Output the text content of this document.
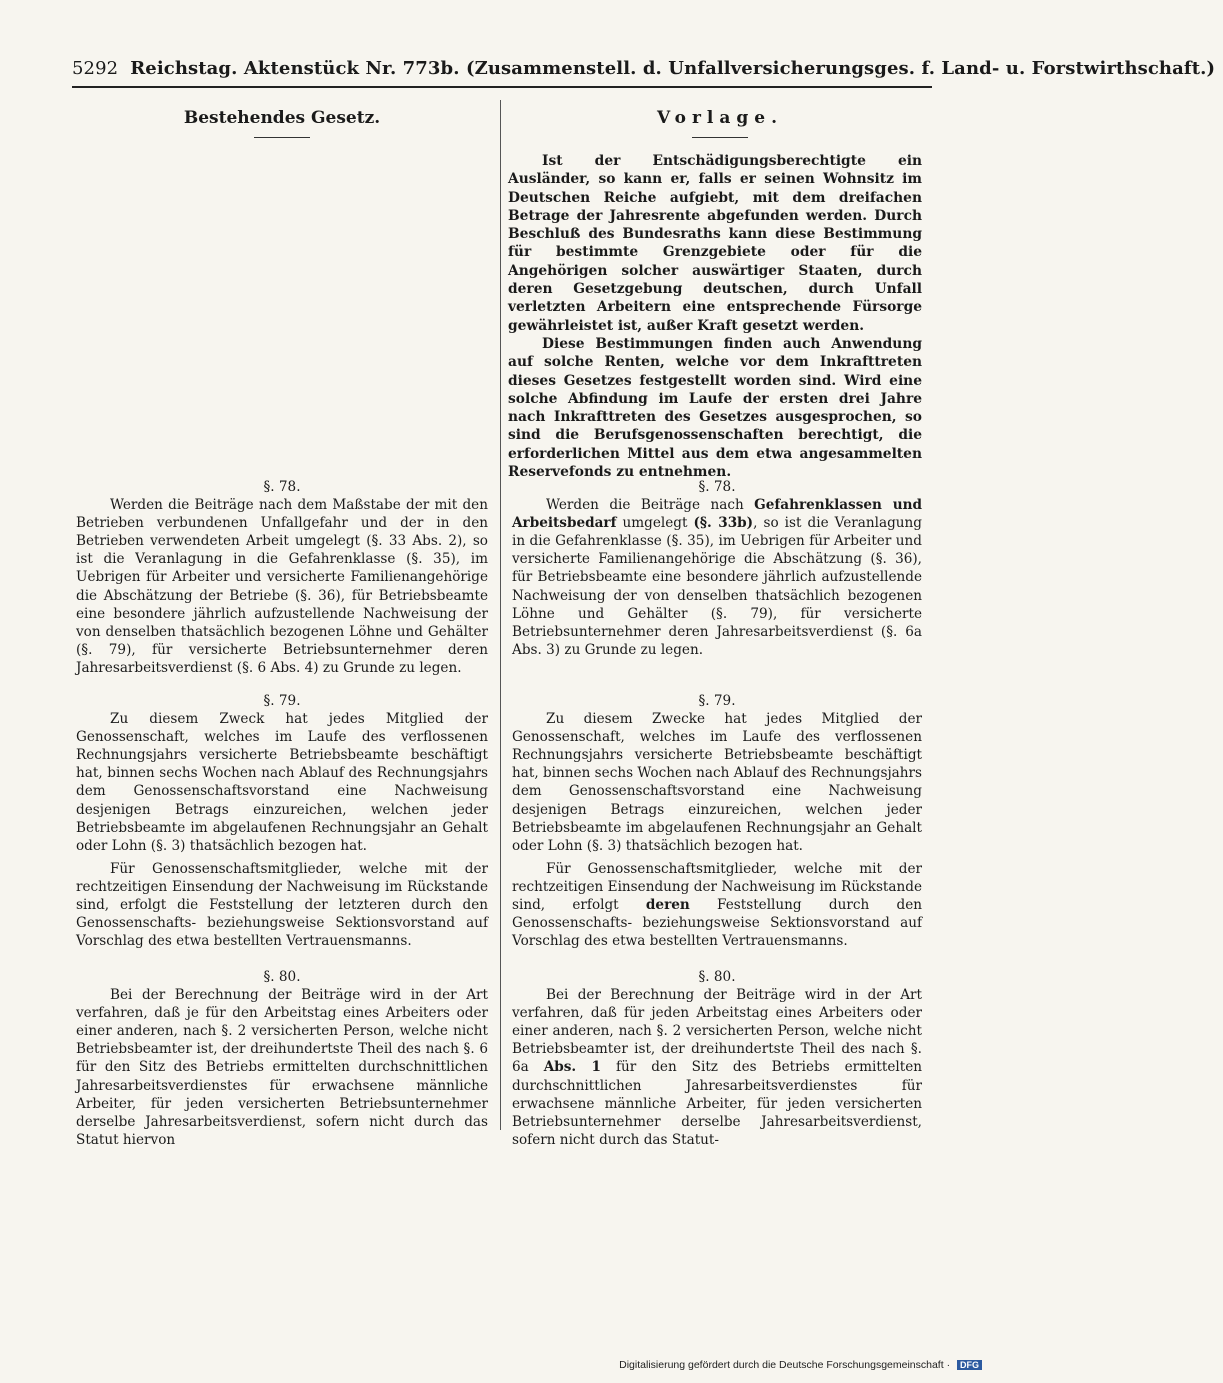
5292 Reichstag. Aktenstück Nr. 773b. (Zusammenstell. d. Unfallversicherungsges. f. Land- u. Forstwirthschaft.)
Bestehendes Gesetz.	Vorlage.

Ist der Entschädigungsberechtigte ein Ausländer, so kann er, falls er seinen Wohnsitz im Deutschen Reiche aufgiebt, mit dem dreifachen Betrage der Jahresrente abgefunden werden. Durch Beschluß des Bundesraths kann diese Bestimmung für bestimmte Grenzgebiete oder für die Angehörigen solcher auswärtiger Staaten, durch deren Gesetzgebung deutschen, durch Unfall verletzten Arbeitern eine entsprechende Fürsorge gewährleistet ist, außer Kraft gesetzt werden.

Diese Bestimmungen finden auch Anwendung auf solche Renten, welche vor dem Inkrafttreten dieses Gesetzes festgestellt worden sind. Wird eine solche Abfindung im Laufe der ersten drei Jahre nach Inkrafttreten des Gesetzes ausgesprochen, so sind die Berufsgenossenschaften berechtigt, die erforderlichen Mittel aus dem etwa angesammelten Reservefonds zu entnehmen.

§. 78.

Werden die Beiträge nach dem Maßstabe der mit den Betrieben verbundenen Unfallgefahr und der in den Betrieben verwendeten Arbeit umgelegt (§. 33 Abs. 2), so ist die Veranlagung in die Gefahrenklasse (§. 35), im Uebrigen für Arbeiter und versicherte Familienangehörige die Abschätzung der Betriebe (§. 36), für Betriebsbeamte eine besondere jährlich aufzustellende Nachweisung der von denselben thatsächlich bezogenen Löhne und Gehälter (§. 79), für versicherte Betriebsunternehmer deren Jahresarbeitsverdienst (§. 6 Abs. 4) zu Grunde zu legen.

§. 79.

Zu diesem Zweck hat jedes Mitglied der Genossenschaft, welches im Laufe des verflossenen Rechnungsjahrs versicherte Betriebsbeamte beschäftigt hat, binnen sechs Wochen nach Ablauf des Rechnungsjahrs dem Genossenschaftsvorstand eine Nachweisung desjenigen Betrags einzureichen, welchen jeder Betriebsbeamte im abgelaufenen Rechnungsjahr an Gehalt oder Lohn (§. 3) thatsächlich bezogen hat.

Für Genossenschaftsmitglieder, welche mit der rechtzeitigen Einsendung der Nachweisung im Rückstande sind, erfolgt die Feststellung der letzteren durch den Genossenschafts- beziehungsweise Sektionsvorstand auf Vorschlag des etwa bestellten Vertrauensmanns.

§. 80.

Bei der Berechnung der Beiträge wird in der Art verfahren, daß je für den Arbeitstag eines Arbeiters oder einer anderen, nach §. 2 versicherten Person, welche nicht Betriebsbeamter ist, der dreihundertste Theil des nach §. 6 für den Sitz des Betriebs ermittelten durchschnittlichen Jahresarbeitsverdienstes für erwachsene männliche Arbeiter, für jeden versicherten Betriebsunternehmer derselbe Jahresarbeitsverdienst, sofern nicht durch das Statut hiervon

§. 78.

Werden die Beiträge nach Gefahrenklassen und Arbeitsbedarf umgelegt (§. 33b), so ist die Veranlagung in die Gefahrenklasse (§. 35), im Uebrigen für Arbeiter und versicherte Familienangehörige die Abschätzung (§. 36), für Betriebsbeamte eine besondere jährlich aufzustellende Nachweisung der von denselben thatsächlich bezogenen Löhne und Gehälter (§. 79), für versicherte Betriebsunternehmer deren Jahresarbeitsverdienst (§. 6a Abs. 3) zu Grunde zu legen.

§. 79.

Zu diesem Zwecke hat jedes Mitglied der Genossenschaft, welches im Laufe des verflossenen Rechnungsjahrs versicherte Betriebsbeamte beschäftigt hat, binnen sechs Wochen nach Ablauf des Rechnungsjahrs dem Genossenschaftsvorstand eine Nachweisung desjenigen Betrags einzureichen, welchen jeder Betriebsbeamte im abgelaufenen Rechnungsjahr an Gehalt oder Lohn (§. 3) thatsächlich bezogen hat.

Für Genossenschaftsmitglieder, welche mit der rechtzeitigen Einsendung der Nachweisung im Rückstande sind, erfolgt deren Feststellung durch den Genossenschafts- beziehungsweise Sektionsvorstand auf Vorschlag des etwa bestellten Vertrauensmanns.

§. 80.

Bei der Berechnung der Beiträge wird in der Art verfahren, daß für jeden Arbeitstag eines Arbeiters oder einer anderen, nach §. 2 versicherten Person, welche nicht Betriebsbeamter ist, der dreihundertste Theil des nach §. 6a Abs. 1 für den Sitz des Betriebs ermittelten durchschnittlichen Jahresarbeitsverdienstes für erwachsene männliche Arbeiter, für jeden versicherten Betriebsunternehmer derselbe Jahresarbeitsverdienst, sofern nicht durch das Statut-

Digitalisierung gefördert durch die Deutsche Forschungsgemeinschaft · DFG
